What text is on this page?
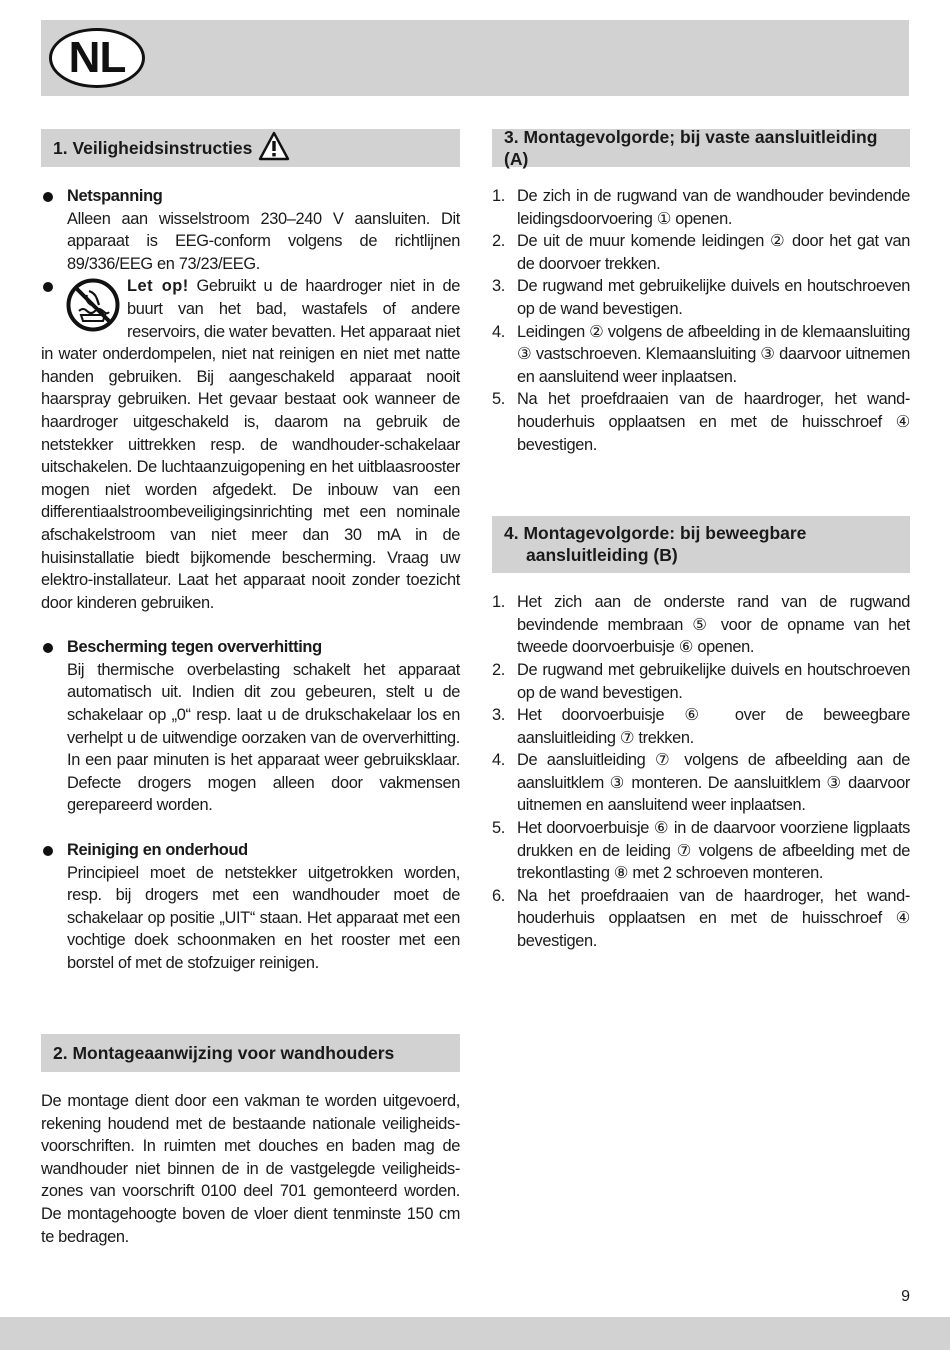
NL
1. Veiligheidsinstructies
Netspanning
Alleen aan wisselstroom 230–240 V aansluiten. Dit apparaat is EEG-conform volgens de richtlijnen 89/336/EEG en 73/23/EEG.
Let op! Gebruikt u de haardroger niet in de buurt van het bad, wastafels of andere reservoirs, die water bevatten. Het apparaat niet in water onderdompelen, niet nat reinigen en niet met natte handen gebruiken. Bij aangeschakeld apparaat nooit haarspray gebruiken. Het gevaar bestaat ook wanneer de haardroger uitgeschakeld is, daarom na gebruik de netstekker uittrekken resp. de wandhouder-schakelaar uitschakelen. De luchtaanzuigopening en het uitblaasrooster mogen niet worden afgedekt. De inbouw van een differentiaalstroombeveiligingsinrichting met een nominale afschakelstroom van niet meer dan 30 mA in de huisinstallatie biedt bijkomende bescherming. Vraag uw elektro-installateur. Laat het apparaat nooit zonder toezicht door kinderen gebruiken.
Bescherming tegen oververhitting
Bij thermische overbelasting schakelt het apparaat automatisch uit. Indien dit zou gebeuren, stelt u de schakelaar op „0“ resp. laat u de drukschakelaar los en verhelpt u de uitwendige oorzaken van de oververhitting. In een paar minuten is het apparaat weer gebruiksklaar. Defecte drogers mogen alleen door vakmensen gerepareerd worden.
Reiniging en onderhoud
Principieel moet de netstekker uitgetrokken worden, resp. bij drogers met een wandhouder moet de schakelaar op positie „UIT“ staan. Het apparaat met een vochtige doek schoonmaken en het rooster met een borstel of met de stofzuiger reinigen.
2. Montageaanwijzing voor wandhouders
De montage dient door een vakman te worden uitgevoerd, rekening houdend met de bestaande nationale veiligheids-voorschriften. In ruimten met douches en baden mag de wandhouder niet binnen de in de vastgelegde veiligheids-zones van voorschrift 0100 deel 701 gemonteerd worden. De montagehoogte boven de vloer dient tenminste 150 cm te bedragen.
3. Montagevolgorde; bij vaste aansluitleiding (A)
1. De zich in de rugwand van de wandhouder bevindende leidingsdoorvoering ① openen.
2. De uit de muur komende leidingen ② door het gat van de doorvoer trekken.
3. De rugwand met gebruikelijke duivels en houtschroeven op de wand bevestigen.
4. Leidingen ② volgens de afbeelding in de klemaansluiting ③ vastschroeven. Klemaansluiting ③ daarvoor uitnemen en aansluitend weer inplaatsen.
5. Na het proefdraaien van de haardroger, het wand-houderhuis opplaatsen en met de huisschroef ④ bevestigen.
4. Montagevolgorde: bij beweegbare
aansluitleiding (B)
1. Het zich aan de onderste rand van de rugwand bevindende membraan ⑤ voor de opname van het tweede doorvoerbuisje ⑥ openen.
2. De rugwand met gebruikelijke duivels en houtschroeven op de wand bevestigen.
3. Het doorvoerbuisje ⑥ over de beweegbare aansluitleiding ⑦ trekken.
4. De aansluitleiding ⑦ volgens de afbeelding aan de aansluitklem ③ monteren. De aansluitklem ③ daarvoor uitnemen en aansluitend weer inplaatsen.
5. Het doorvoerbuisje ⑥ in de daarvoor voorziene ligplaats drukken en de leiding ⑦ volgens de afbeelding met de trekontlasting ⑧ met 2 schroeven monteren.
6. Na het proefdraaien van de haardroger, het wand-houderhuis opplaatsen en met de huisschroef ④ bevestigen.
9
